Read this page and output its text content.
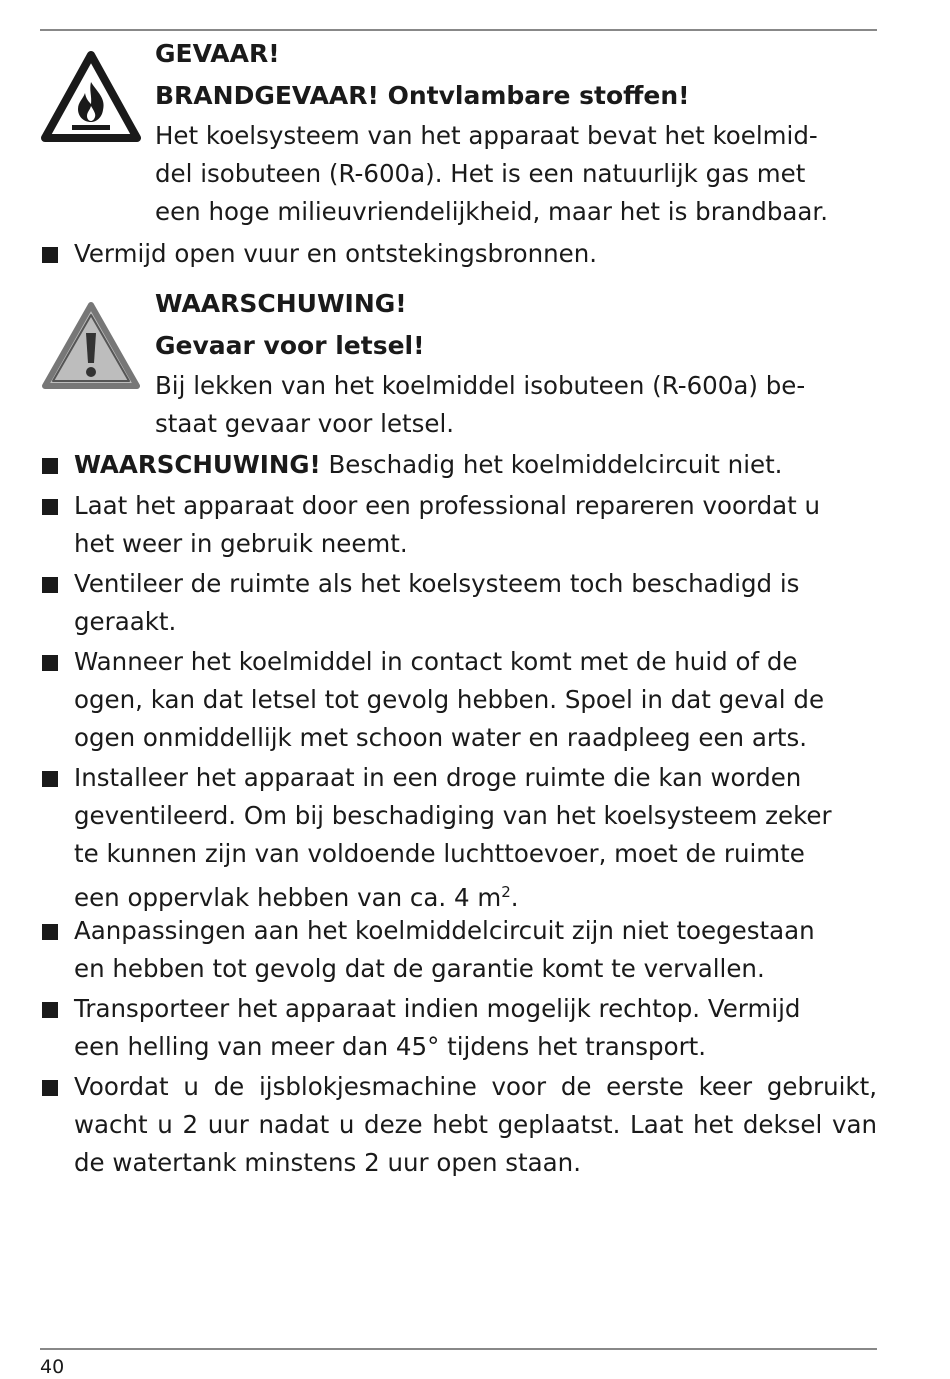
GEVAAR!
BRANDGEVAAR! Ontvlambare stoffen!
Het koelsysteem van het apparaat bevat het koelmid-
del isobuteen (R-600a). Het is een natuurlijk gas met
een hoge milieuvriendelijkheid, maar het is brandbaar.
Vermijd open vuur en ontstekingsbronnen.
WAARSCHUWING!
Gevaar voor letsel!
Bij lekken van het koelmiddel isobuteen (R-600a) be-
staat gevaar voor letsel.
WAARSCHUWING! Beschadig het koelmiddelcircuit niet.
Laat het apparaat door een professional repareren voordat u
het weer in gebruik neemt.
Ventileer de ruimte als het koelsysteem toch beschadigd is
geraakt.
Wanneer het koelmiddel in contact komt met de huid of de
ogen, kan dat letsel tot gevolg hebben. Spoel in dat geval de
ogen onmiddellijk met schoon water en raadpleeg een arts.
Installeer het apparaat in een droge ruimte die kan worden
geventileerd. Om bij beschadiging van het koelsysteem zeker
te kunnen zijn van voldoende luchttoevoer, moet de ruimte
een oppervlak hebben van ca. 4 $m^2$.
Aanpassingen aan het koelmiddelcircuit zijn niet toegestaan
en hebben tot gevolg dat de garantie komt te vervallen.
Transporteer het apparaat indien mogelijk rechtop. Vermijd
een helling van meer dan 45° tijdens het transport.
Voordat u de ijsblokjesmachine voor de eerste keer gebruikt,
wacht u 2 uur nadat u deze hebt geplaatst. Laat het deksel van
de watertank minstens 2 uur open staan.
40
